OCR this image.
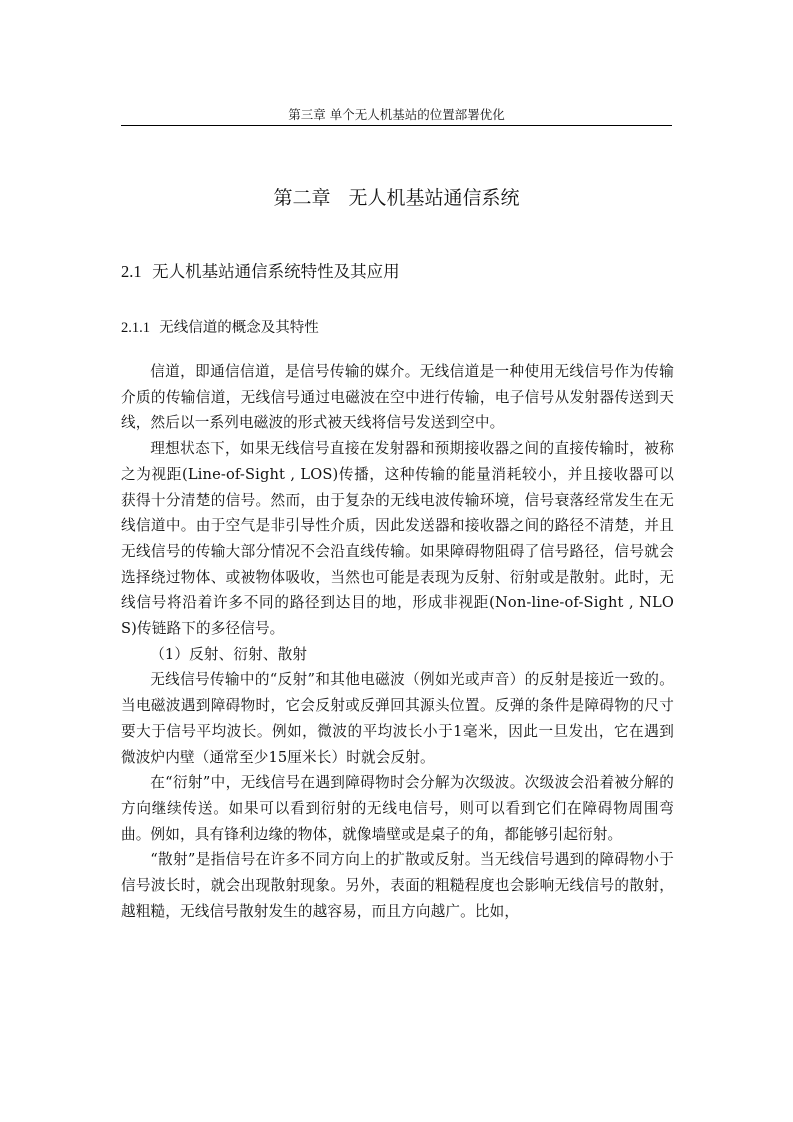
第三章 单个无人机基站的位置部署优化
第二章 无人机基站通信系统
2.1 无人机基站通信系统特性及其应用
2.1.1 无线信道的概念及其特性

信道，即通信信道，是信号传输的媒介。无线信道是一种使用无线信号作为传输介质的传输信道，无线信号通过电磁波在空中进行传输，电子信号从发射器传送到天线，然后以一系列电磁波的形式被天线将信号发送到空中。

理想状态下，如果无线信号直接在发射器和预期接收器之间的直接传输时，被称之为视距(Line-of-Sight , LOS)传播，这种传输的能量消耗较小，并且接收器可以获得十分清楚的信号。然而，由于复杂的无线电波传输环境，信号衰落经常发生在无线信道中。由于空气是非引导性介质，因此发送器和接收器之间的路径不清楚，并且无线信号的传输大部分情况不会沿直线传输。如果障碍物阻碍了信号路径，信号就会选择绕过物体、或被物体吸收，当然也可能是表现为反射、衍射或是散射。此时，无线信号将沿着许多不同的路径到达目的地，形成非视距(Non-line-of-Sight , NLOS)传链路下的多径信号。

（1）反射、衍射、散射

无线信号传输中的“反射”和其他电磁波（例如光或声音）的反射是接近一致的。当电磁波遇到障碍物时，它会反射或反弹回其源头位置。反弹的条件是障碍物的尺寸要大于信号平均波长。例如，微波的平均波长小于1毫米，因此一旦发出，它在遇到微波炉内壁（通常至少15厘米长）时就会反射。

在“衍射”中，无线信号在遇到障碍物时会分解为次级波。次级波会沿着被分解的方向继续传送。如果可以看到衍射的无线电信号，则可以看到它们在障碍物周围弯曲。例如，具有锋利边缘的物体，就像墙壁或是桌子的角，都能够引起衍射。

“散射”是指信号在许多不同方向上的扩散或反射。当无线信号遇到的障碍物小于信号波长时，就会出现散射现象。另外，表面的粗糙程度也会影响无线信号的散射，越粗糙，无线信号散射发生的越容易，而且方向越广。比如，
